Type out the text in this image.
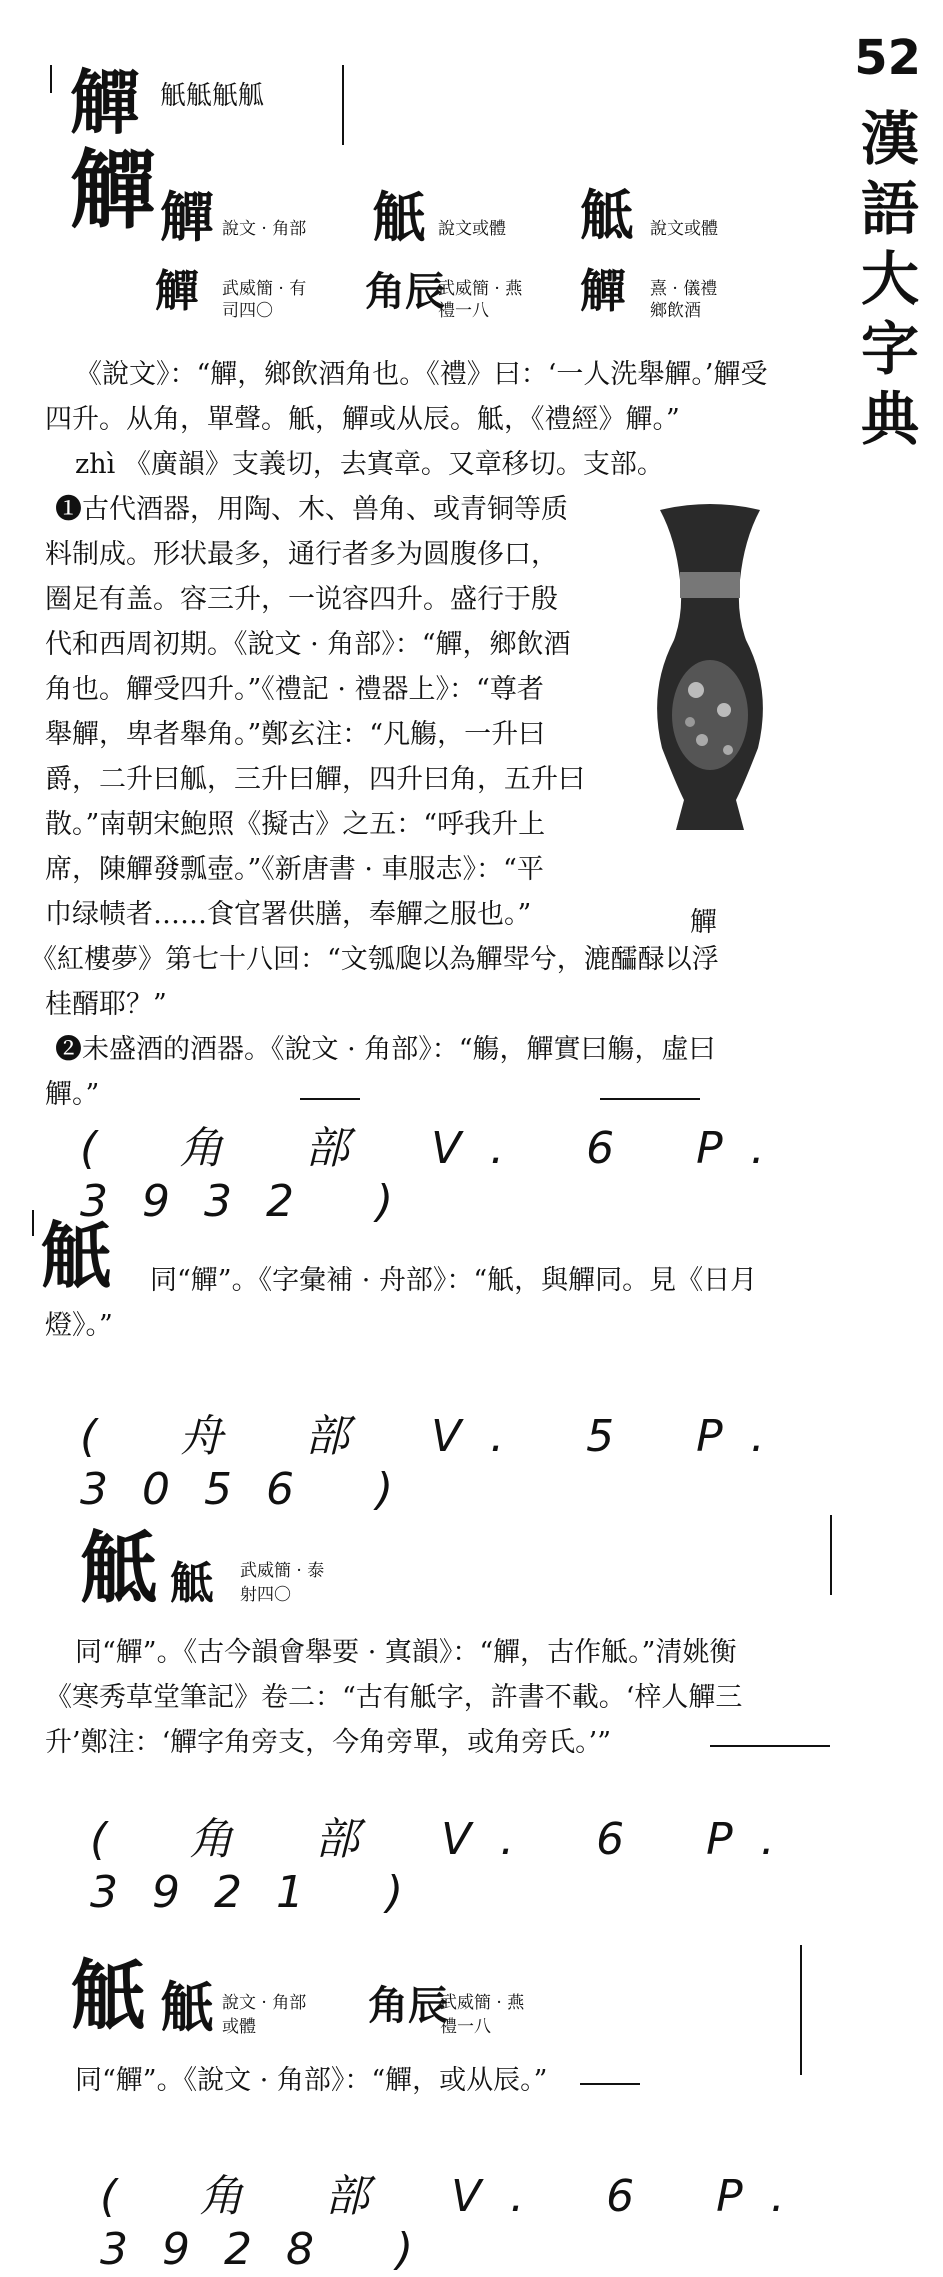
52
漢
語
大
字
典
觶 觗觝觗觚
觶 觶 說文 · 角部 觗 說文或體 觝 說文或體
觶 武威簡 · 有
司四〇 角辰
武威簡 · 燕
禮一八 觶 熹 · 儀禮
鄉飲酒
《說文》：“觶，鄉飲酒角也。《禮》曰：‘一人洗舉觶。’觶受
四升。从角，單聲。觗，觶或从辰。觝，《禮經》觶。”
zhì 《廣韻》支義切，去寘章。又章移切。支部。
❶古代酒器，用陶、木、兽角、或青铜等质
料制成。形状最多，通行者多为圆腹侈口，
圈足有盖。容三升，一说容四升。盛行于殷
代和西周初期。《說文 · 角部》：“觶，鄉飲酒
角也。觶受四升。”《禮記 · 禮器上》：“尊者
舉觶，卑者舉角。”鄭玄注：“凡觴，一升曰
爵，二升曰觚，三升曰觶，四升曰角，五升曰
散。”南朝宋鮑照《擬古》之五：“呼我升上
席，陳觶發瓢壺。”《新唐書 · 車服志》：“平
巾绿帻者……食官署供膳，奉觶之服也。”	觶
《紅樓夢》第七十八回：“文瓠瓟以為觶斝兮，漉醽醁以浮
桂醑耶？”
❷未盛酒的酒器。《說文 · 角部》：“觴，觶實曰觴，虛曰
觶。”
( 角 部 V. 6 P. 3932 )
觗 同“觶”。《字彙補 · 舟部》：“觗，與觶同。見《日月
燈》。”
( 舟 部 V. 5 P. 3056 )
觝 觝 武威簡 · 泰
射四〇
同“觶”。《古今韻會舉要 · 寘韻》：“觶，古作觝。”清姚衡
《寒秀草堂筆記》卷二：“古有觝字，許書不載。‘梓人觶三
升’鄭注：‘觶字角旁支，今角旁單，或角旁氏。’”
( 角 部 V. 6 P. 3921 )
觗 觗 說文 · 角部
或體	角辰
武威簡 · 燕
禮一八
同“觶”。《說文 · 角部》：“觶，或从辰。”
( 角 部 V. 6 P. 3928 )
